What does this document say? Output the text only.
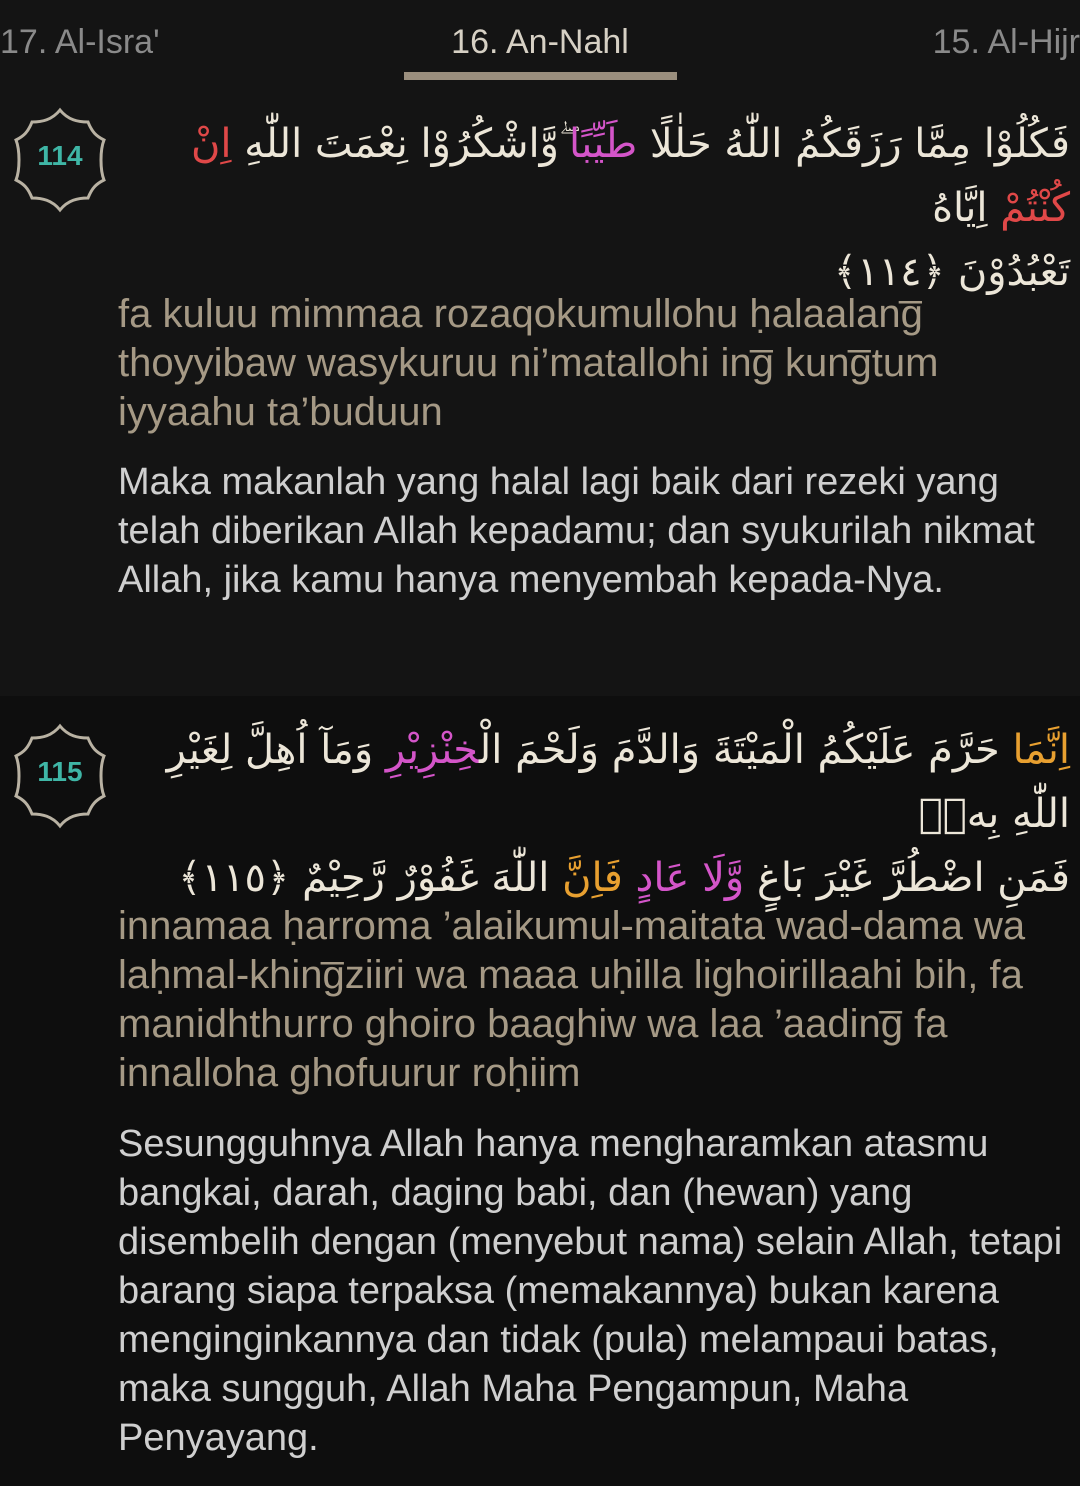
17. Al-Isra'	16. An-Nahl	15. Al-Hijr
114	فَكُلُوْا مِمَّا رَزَقَكُمُ اللّٰهُ حَلٰلًا طَيِّبًا ۖوَّاشْكُرُوْا نِعْمَتَ اللّٰهِ اِنْ كُنْتُمْ اِيَّاهُ
تَعْبُدُوْنَ ﴿١١٤﴾
fa kuluu mimmaa rozaqokumullohu ḥalaalang̅ thoyyibaw wasykuruu ni’matallohi ing̅ kung̅tum iyyaahu ta’buduun
Maka makanlah yang halal lagi baik dari rezeki yang telah diberikan Allah kepadamu; dan syukurilah nikmat Allah, jika kamu hanya menyembah kepada-Nya.
115	اِنَّمَا حَرَّمَ عَلَيْكُمُ الْمَيْتَةَ وَالدَّمَ وَلَحْمَ الْخِنْزِيْرِ وَمَآ اُهِلَّ لِغَيْرِ اللّٰهِ بِهٖۚ
فَمَنِ اضْطُرَّ غَيْرَ بَاغٍ وَّلَا عَادٍ فَاِنَّ اللّٰهَ غَفُوْرٌ رَّحِيْمٌ ﴿١١٥﴾
innamaa ḥarroma ’alaikumul-maitata wad-dama wa laḥmal-khing̅ziiri wa maaa uḥilla lighoirillaahi bih, fa manidhthurro ghoiro baaghiw wa laa ’aading̅ fa innalloha ghofuurur roḥiim
Sesungguhnya Allah hanya mengharamkan atasmu bangkai, darah, daging babi, dan (hewan) yang disembelih dengan (menyebut nama) selain Allah, tetapi barang siapa terpaksa (memakannya) bukan karena menginginkannya dan tidak (pula) melampaui batas, maka sungguh, Allah Maha Pengampun, Maha Penyayang.
